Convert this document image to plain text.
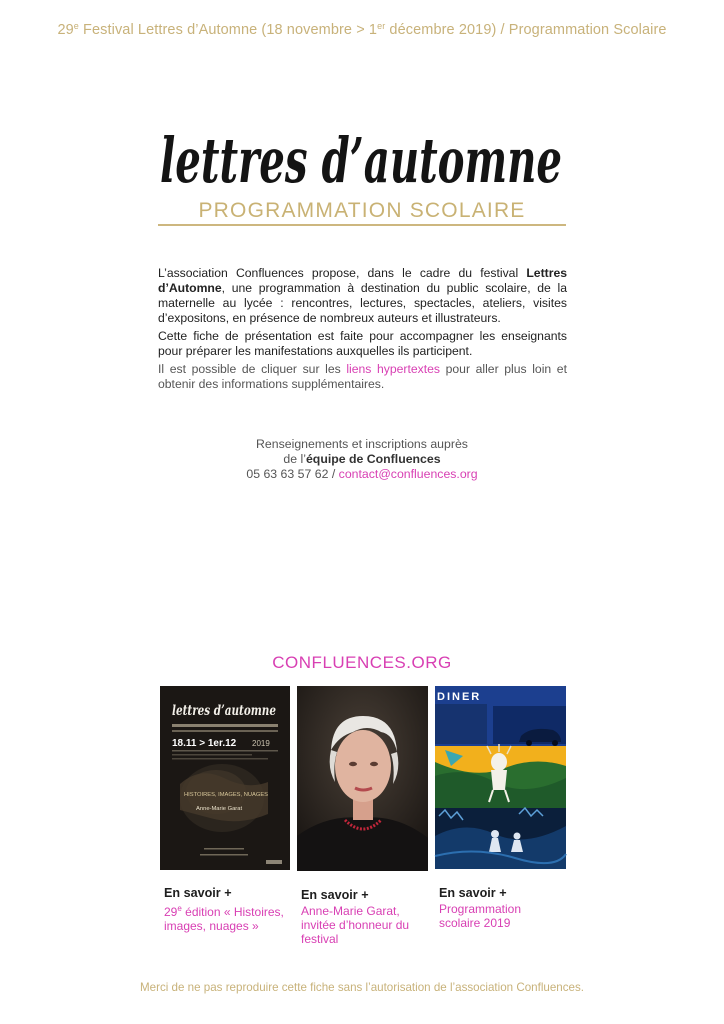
29e Festival Lettres d’Automne (18 novembre > 1er décembre 2019) / Programmation Scolaire
lettres d’automne
PROGRAMMATION SCOLAIRE

L’association Confluences propose, dans le cadre du festival Lettres d’Automne, une programmation à destination du public scolaire, de la maternelle au lycée : rencontres, lectures, spectacles, ateliers, visites d’expositons, en présence de nombreux auteurs et illustrateurs.

Cette fiche de présentation est faite pour accompagner les enseignants pour préparer les manifestations auxquelles ils participent.

Il est possible de cliquer sur les liens hypertextes pour aller plus loin et obtenir des informations supplémentaires.

Renseignements et inscriptions auprès
de l’équipe de Confluences
05 63 63 57 62 / contact@confluences.org
CONFLUENCES.ORG
lettres d’automne
18.11 > 1er.12 2019
HISTOIRES, IMAGES, NUAGES
Anne-Marie Garat
DINER
En savoir +
$29^e$ édition « Histoires, images, nuages »
En savoir +
Anne-Marie Garat, invitée d’honneur du festival
En savoir +
Programmation scolaire 2019
Merci de ne pas reproduire cette fiche sans l’autorisation de l’association Confluences.
